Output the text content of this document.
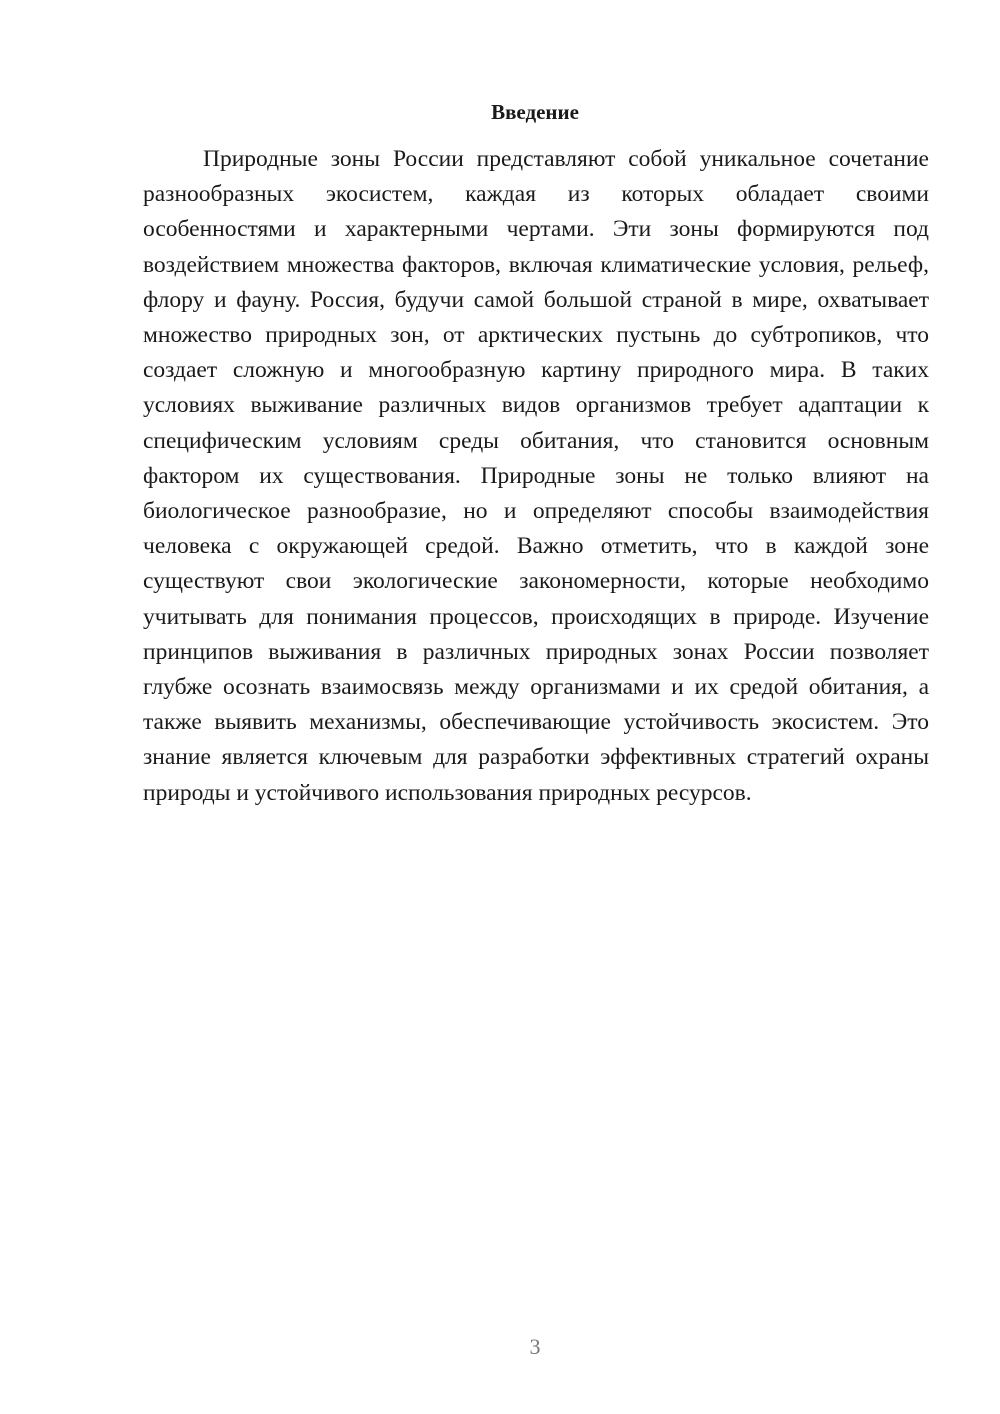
Введение

Природные зоны России представляют собой уникальное сочетание разнообразных экосистем, каждая из которых обладает своими особенностями и характерными чертами. Эти зоны формируются под воздействием множества факторов, включая климатические условия, рельеф, флору и фауну. Россия, будучи самой большой страной в мире, охватывает множество природных зон, от арктических пустынь до субтропиков, что создает сложную и многообразную картину природного мира. В таких условиях выживание различных видов организмов требует адаптации к специфическим условиям среды обитания, что становится основным фактором их существования. Природные зоны не только влияют на биологическое разнообразие, но и определяют способы взаимодействия человека с окружающей средой. Важно отметить, что в каждой зоне существуют свои экологические закономерности, которые необходимо учитывать для понимания процессов, происходящих в природе. Изучение принципов выживания в различных природных зонах России позволяет глубже осознать взаимосвязь между организмами и их средой обитания, а также выявить механизмы, обеспечивающие устойчивость экосистем. Это знание является ключевым для разработки эффективных стратегий охраны природы и устойчивого использования природных ресурсов.

3
